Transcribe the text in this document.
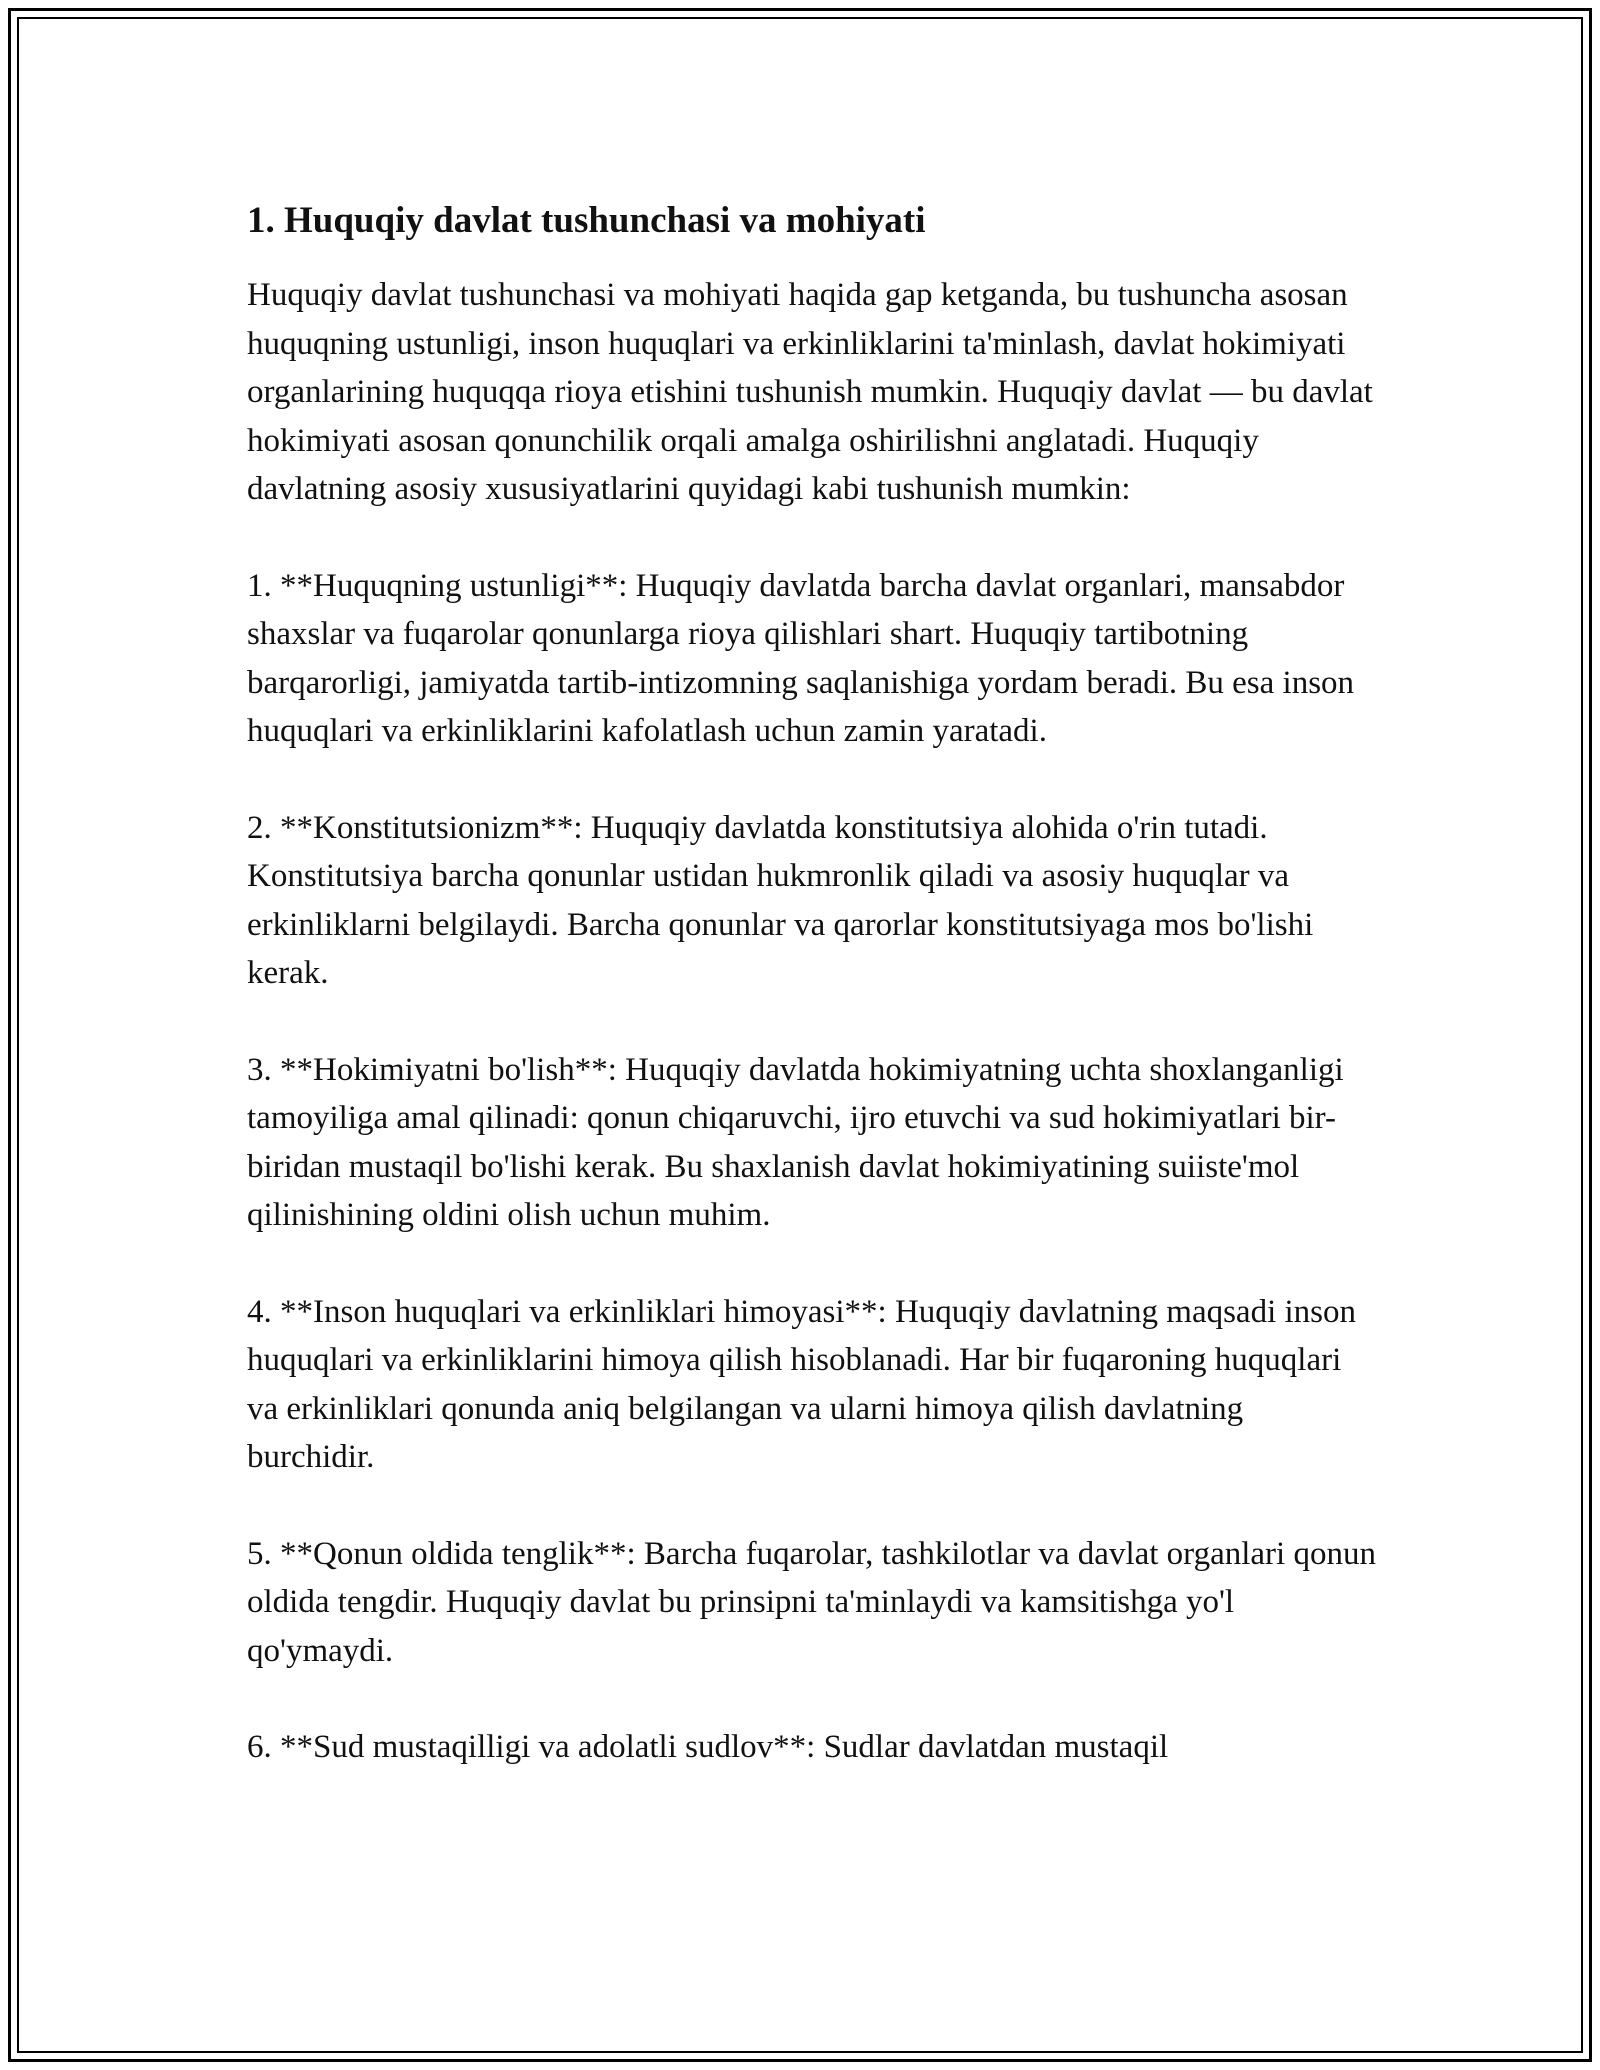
1. Huquqiy davlat tushunchasi va mohiyati

Huquqiy davlat tushunchasi va mohiyati haqida gap ketganda, bu tushuncha asosan huquqning ustunligi, inson huquqlari va erkinliklarini ta'minlash, davlat hokimiyati organlarining huquqqa rioya etishini tushunish mumkin. Huquqiy davlat — bu davlat hokimiyati asosan qonunchilik orqali amalga oshirilishni anglatadi. Huquqiy davlatning asosiy xususiyatlarini quyidagi kabi tushunish mumkin:

1. **Huquqning ustunligi**: Huquqiy davlatda barcha davlat organlari, mansabdor shaxslar va fuqarolar qonunlarga rioya qilishlari shart. Huquqiy tartibotning barqarorligi, jamiyatda tartib-intizomning saqlanishiga yordam beradi. Bu esa inson huquqlari va erkinliklarini kafolatlash uchun zamin yaratadi.

2. **Konstitutsionizm**: Huquqiy davlatda konstitutsiya alohida o'rin tutadi. Konstitutsiya barcha qonunlar ustidan hukmronlik qiladi va asosiy huquqlar va erkinliklarni belgilaydi. Barcha qonunlar va qarorlar konstitutsiyaga mos bo'lishi kerak.

3. **Hokimiyatni bo'lish**: Huquqiy davlatda hokimiyatning uchta shoxlanganligi tamoyiliga amal qilinadi: qonun chiqaruvchi, ijro etuvchi va sud hokimiyatlari bir-biridan mustaqil bo'lishi kerak. Bu shaxlanish davlat hokimiyatining suiiste'mol qilinishining oldini olish uchun muhim.

4. **Inson huquqlari va erkinliklari himoyasi**: Huquqiy davlatning maqsadi inson huquqlari va erkinliklarini himoya qilish hisoblanadi. Har bir fuqaroning huquqlari va erkinliklari qonunda aniq belgilangan va ularni himoya qilish davlatning burchidir.

5. **Qonun oldida tenglik**: Barcha fuqarolar, tashkilotlar va davlat organlari qonun oldida tengdir. Huquqiy davlat bu prinsipni ta'minlaydi va kamsitishga yo'l qo'ymaydi.

6. **Sud mustaqilligi va adolatli sudlov**: Sudlar davlatdan mustaqil
